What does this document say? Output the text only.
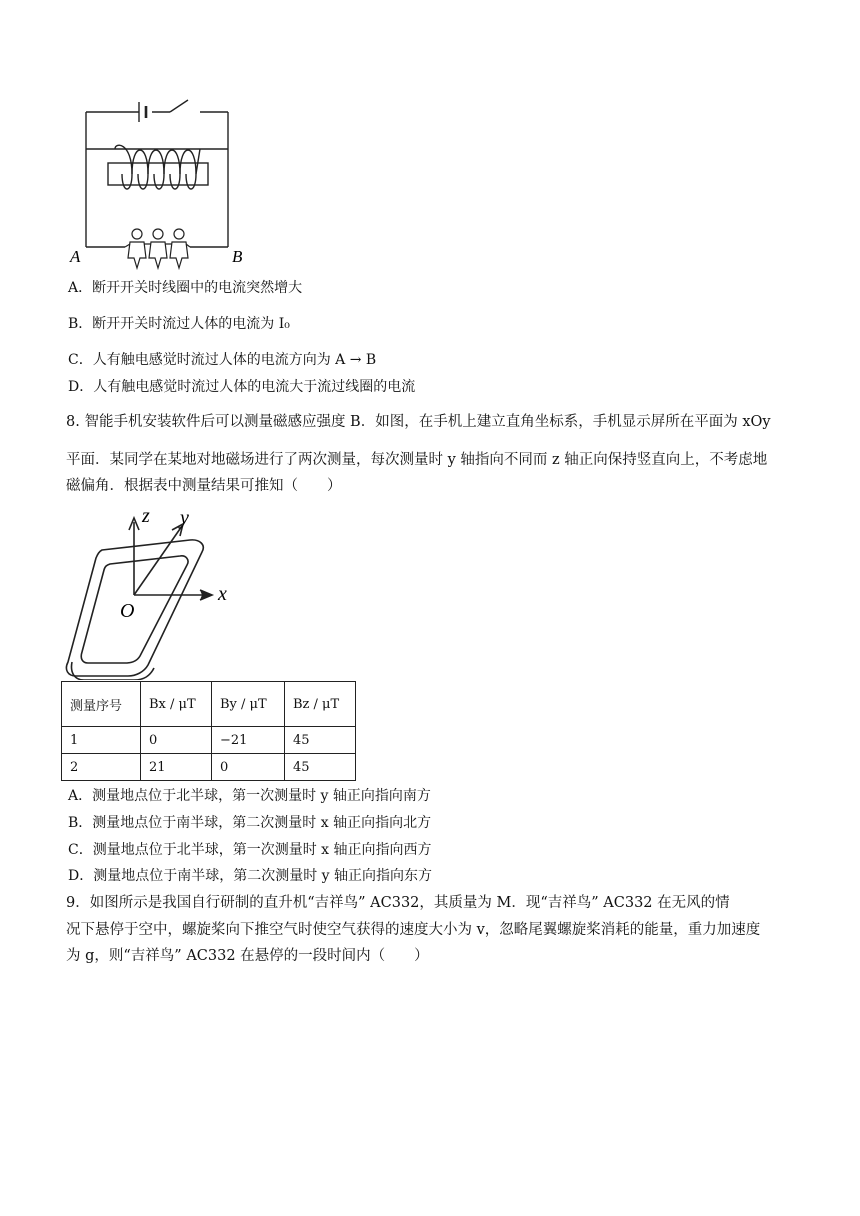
A	B
A．断开开关时线圈中的电流突然增大
B．断开开关时流过人体的电流为 I₀
C．人有触电感觉时流过人体的电流方向为 A → B
D．人有触电感觉时流过人体的电流大于流过线圈的电流
8. 智能手机安装软件后可以测量磁感应强度 B．如图，在手机上建立直角坐标系，手机显示屏所在平面为 xOy
平面．某同学在某地对地磁场进行了两次测量，每次测量时 y 轴指向不同而 z 轴正向保持竖直向上，不考虑地
磁偏角．根据表中测量结果可推知（　　）
z y
x
O
测量序号	Bx / μT	By / μT	Bz / μT
1	0	−21	45
2	21	0	45
A．测量地点位于北半球，第一次测量时 y 轴正向指向南方
B．测量地点位于南半球，第二次测量时 x 轴正向指向北方
C．测量地点位于北半球，第一次测量时 x 轴正向指向西方
D．测量地点位于南半球，第二次测量时 y 轴正向指向东方
9．如图所示是我国自行研制的直升机“吉祥鸟” AC332，其质量为 M．现“吉祥鸟” AC332 在无风的情
况下悬停于空中，螺旋桨向下推空气时使空气获得的速度大小为 v，忽略尾翼螺旋桨消耗的能量，重力加速度
为 g，则“吉祥鸟” AC332 在悬停的一段时间内（　　）
